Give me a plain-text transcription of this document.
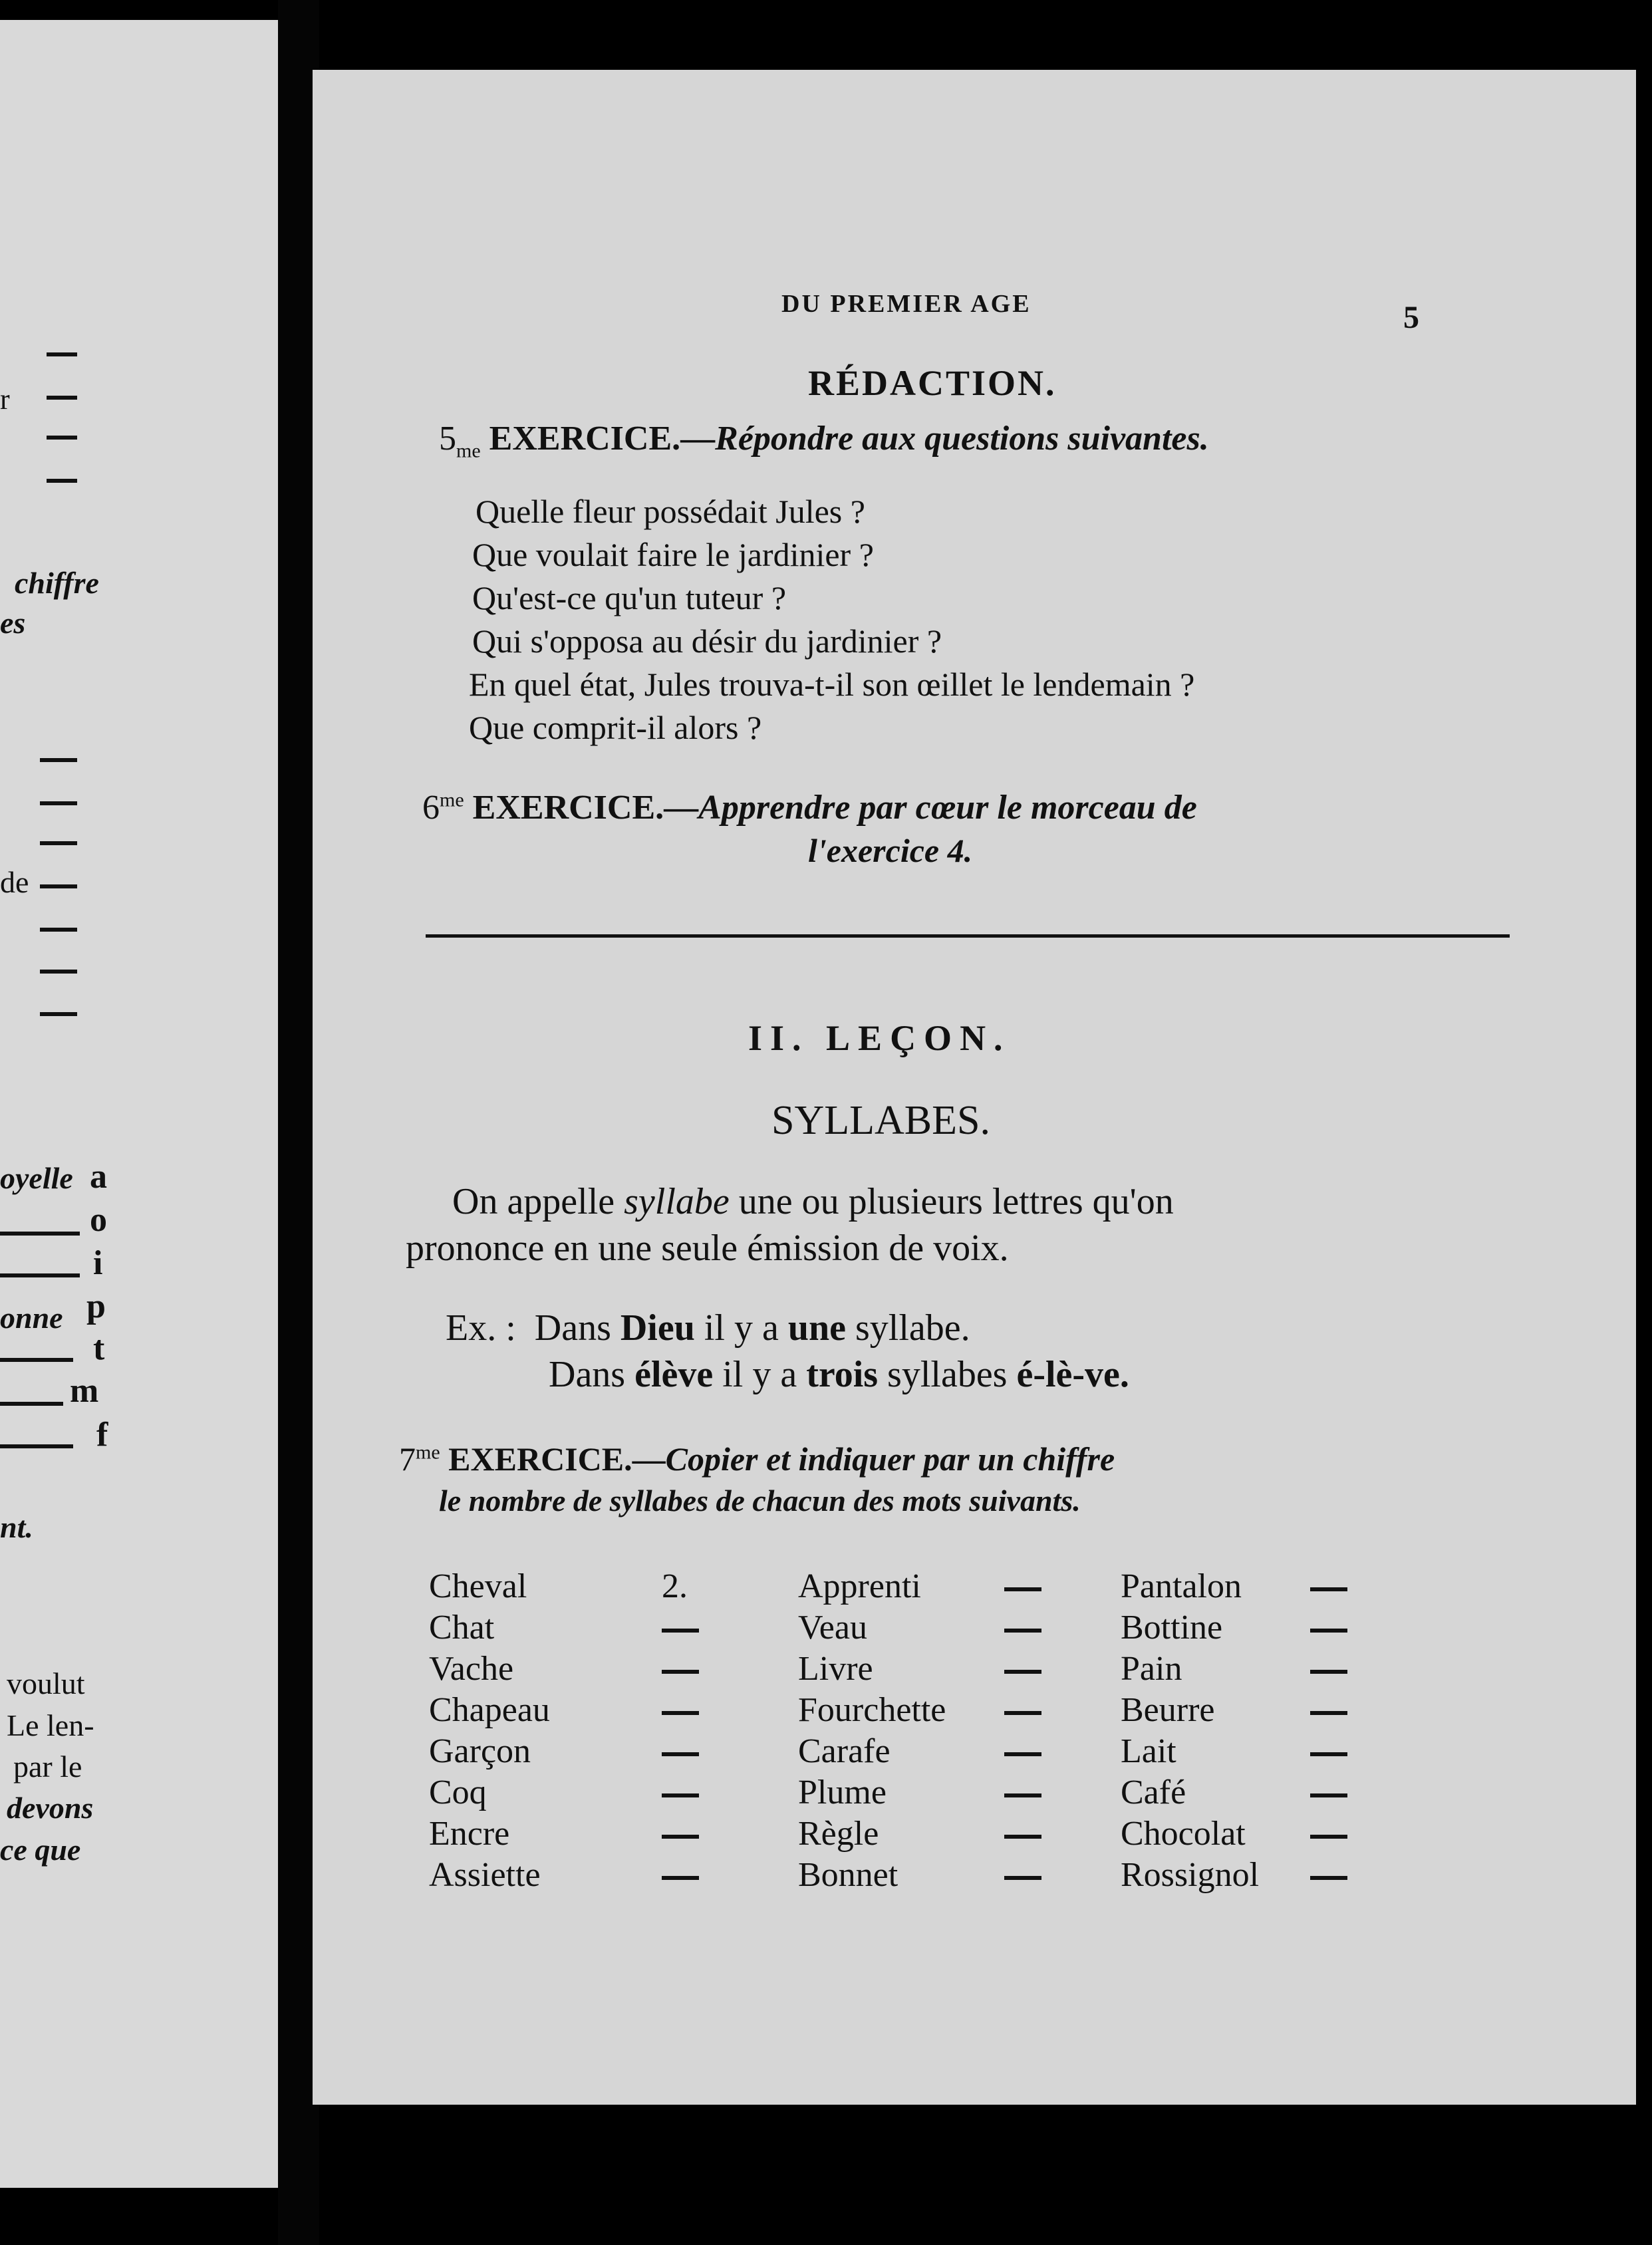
r
chiffre
es
de
oyelle a
o
i
onne p
t
m
f
nt.
voulut
Le len-
par le
devons
ce que
DU PREMIER AGE	5
RÉDACTION.
$5_{me}$ EXERCICE.—Répondre aux questions suivantes.
Quelle fleur possédait Jules ?
Que voulait faire le jardinier ?
Qu'est-ce qu'un tuteur ?
Qui s'opposa au désir du jardinier ?
En quel état, Jules trouva-t-il son œillet le lendemain ?
Que comprit-il alors ?
$6^{me}$ EXERCICE.—Apprendre par cœur le morceau de
l'exercice 4.
II. LEÇON.
SYLLABES.
On appelle syllabe une ou plusieurs lettres qu'on
prononce en une seule émission de voix.
Ex. : Dans Dieu il y a une syllabe.
Dans élève il y a trois syllabes é-lè-ve.
$7^{me}$ EXERCICE.—Copier et indiquer par un chiffre
le nombre de syllabes de chacun des mots suivants.
Cheval
Chat
Vache
Chapeau
Garçon
Coq
Encre
Assiette
2.	Apprenti
Veau
Livre
Fourchette
Carafe
Plume
Règle
Bonnet
Pantalon
Bottine
Pain
Beurre
Lait
Café
Chocolat
Rossignol
